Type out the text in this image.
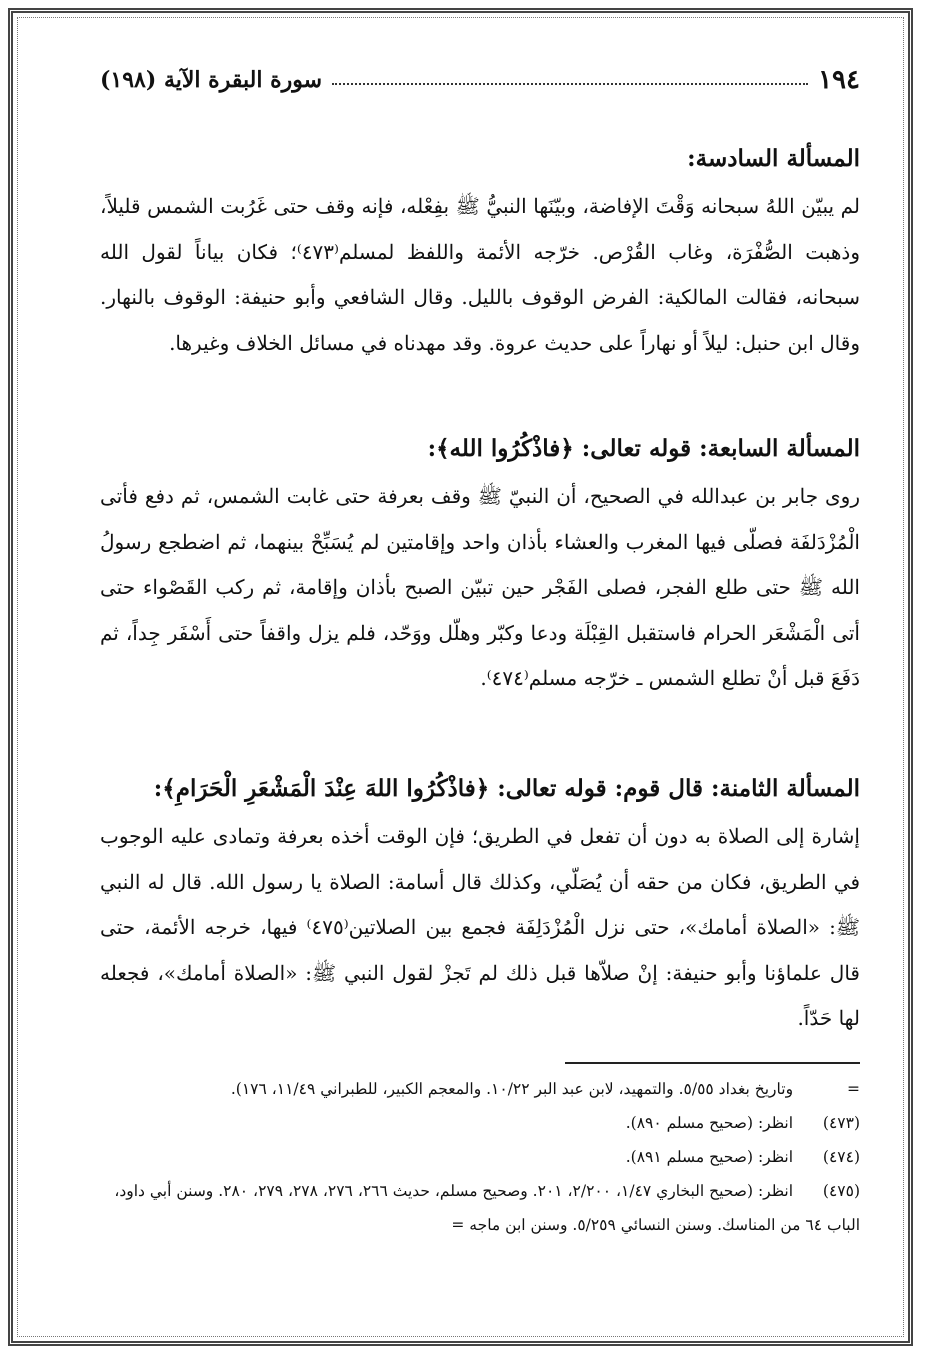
١٩٤
سورة البقرة الآية (١٩٨)

المسألة السادسة:

لم يبيّن اللهُ سبحانه وَقْتَ الإفاضة، وبيّنَها النبيُّ ﷺ بفِعْله، فإنه وقف حتى غَرُبت الشمس قليلاً، وذهبت الصُّفْرَة، وغاب القُرْص. خرّجه الأئمة واللفظ لمسلم⁽٤٧٣⁾؛ فكان بياناً لقول الله سبحانه، فقالت المالكية: الفرض الوقوف بالليل. وقال الشافعي وأبو حنيفة: الوقوف بالنهار. وقال ابن حنبل: ليلاً أو نهاراً على حديث عروة. وقد مهدناه في مسائل الخلاف وغيرها.

المسألة السابعة: قوله تعالى: ﴿فاذْكُرُوا الله﴾:

روى جابر بن عبدالله في الصحيح، أن النبيّ ﷺ وقف بعرفة حتى غابت الشمس، ثم دفع فأتى الْمُزْدَلفَة فصلّى فيها المغرب والعشاء بأذان واحد وإقامتين لم يُسَبِّحْ بينهما، ثم اضطجع رسولُ الله ﷺ حتى طلع الفجر، فصلى الفَجْر حين تبيّن الصبح بأذان وإقامة، ثم ركب القَصْواء حتى أتى الْمَشْعَر الحرام فاستقبل القِبْلَة ودعا وكبّر وهلّل ووَحّد، فلم يزل واقفاً حتى أَسْفَر جِداً، ثم دَفَعَ قبل أنْ تطلع الشمس ـ خرّجه مسلم⁽٤٧٤⁾.

المسألة الثامنة: قال قوم: قوله تعالى: ﴿فاذْكُرُوا اللهَ عِنْدَ الْمَشْعَرِ الْحَرَامِ﴾:

إشارة إلى الصلاة به دون أن تفعل في الطريق؛ فإن الوقت أخذه بعرفة وتمادى عليه الوجوب في الطريق، فكان من حقه أن يُصَلّي، وكذلك قال أسامة: الصلاة يا رسول الله. قال له النبي ﷺ: «الصلاة أمامك»، حتى نزل الْمُزْدَلِفَة فجمع بين الصلاتين⁽٤٧٥⁾ فيها، خرجه الأئمة، حتى قال علماؤنا وأبو حنيفة: إنْ صلاّها قبل ذلك لم تَجزْ لقول النبي ﷺ: «الصلاة أمامك»، فجعله لها حَدّاً.

= وتاريخ بغداد ٥/٥٥. والتمهيد، لابن عبد البر ١٠/٢٢. والمعجم الكبير، للطبراني ١١/٤٩، ١٧٦).

(٤٧٣) انظر: (صحيح مسلم ٨٩٠).

(٤٧٤) انظر: (صحيح مسلم ٨٩١).

(٤٧٥) انظر: (صحيح البخاري ١/٤٧، ٢/٢٠٠، ٢٠١. وصحيح مسلم، حديث ٢٦٦، ٢٧٦، ٢٧٨، ٢٧٩، ٢٨٠. وسنن أبي داود، الباب ٦٤ من المناسك. وسنن النسائي ٥/٢٥٩. وسنن ابن ماجه =
